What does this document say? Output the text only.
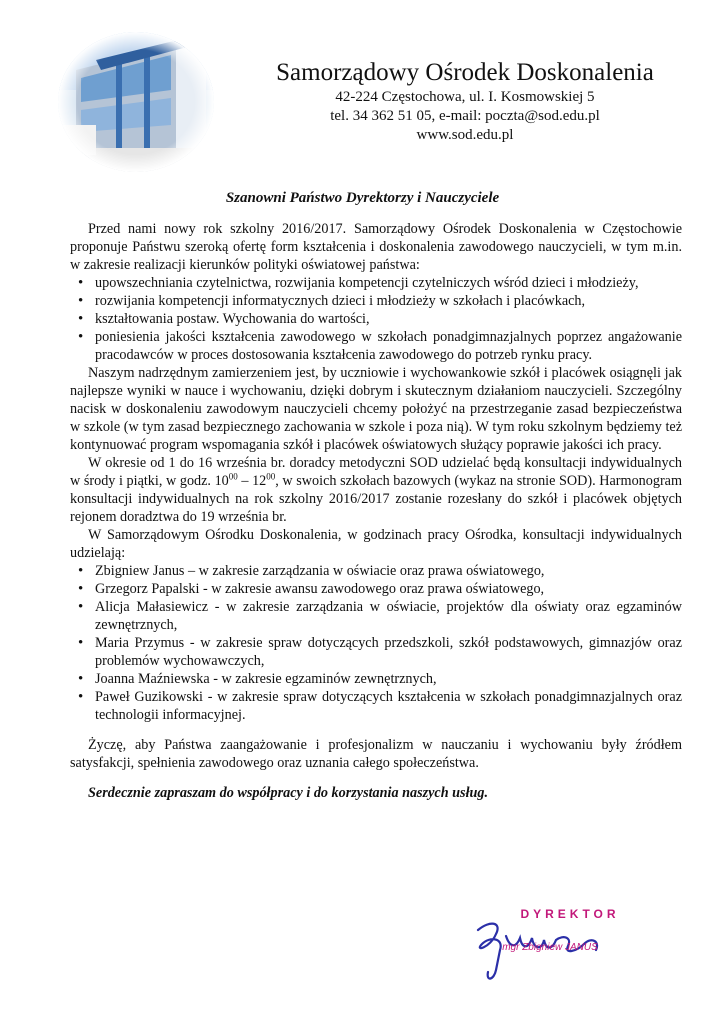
Samorządowy Ośrodek Doskonalenia
42-224 Częstochowa, ul. I. Kosmowskiej 5
tel. 34 362 51 05, e-mail: poczta@sod.edu.pl
www.sod.edu.pl
Szanowni Państwo Dyrektorzy i Nauczyciele

Przed nami nowy rok szkolny 2016/2017. Samorządowy Ośrodek Doskonalenia w Częstochowie proponuje Państwu szeroką ofertę form kształcenia i doskonalenia zawodowego nauczycieli, w tym m.in. w zakresie realizacji kierunków polityki oświatowej państwa:

• upowszechniania czytelnictwa, rozwijania kompetencji czytelniczych wśród dzieci i młodzieży,
• rozwijania kompetencji informatycznych dzieci i młodzieży w szkołach i placówkach,
• kształtowania postaw. Wychowania do wartości,
• poniesienia jakości kształcenia zawodowego w szkołach ponadgimnazjalnych poprzez angażowanie pracodawców w proces dostosowania kształcenia zawodowego do potrzeb rynku pracy.

Naszym nadrzędnym zamierzeniem jest, by uczniowie i wychowankowie szkół i placówek osiągnęli jak najlepsze wyniki w nauce i wychowaniu, dzięki dobrym i skutecznym działaniom nauczycieli. Szczególny nacisk w doskonaleniu zawodowym nauczycieli chcemy położyć na przestrzeganie zasad bezpieczeństwa w szkole (w tym zasad bezpiecznego zachowania w szkole i poza nią). W tym roku szkolnym będziemy też kontynuować program wspomagania szkół i placówek oświatowych służący poprawie jakości ich pracy.

W okresie od 1 do 16 września br. doradcy metodyczni SOD udzielać będą konsultacji indywidualnych w środy i piątki, w godz. $10^{00} - 12^{00}$, w swoich szkołach bazowych (wykaz na stronie SOD). Harmonogram konsultacji indywidualnych na rok szkolny 2016/2017 zostanie rozesłany do szkół i placówek objętych rejonem doradztwa do 19 września br.

W Samorządowym Ośrodku Doskonalenia, w godzinach pracy Ośrodka, konsultacji indywidualnych udzielają:

• Zbigniew Janus – w zakresie zarządzania w oświacie oraz prawa oświatowego,
• Grzegorz Papalski - w zakresie awansu zawodowego oraz prawa oświatowego,
• Alicja Małasiewicz - w zakresie zarządzania w oświacie, projektów dla oświaty oraz egzaminów zewnętrznych,
• Maria Przymus - w zakresie spraw dotyczących przedszkoli, szkół podstawowych, gimnazjów oraz problemów wychowawczych,
• Joanna Maźniewska - w zakresie egzaminów zewnętrznych,
• Paweł Guzikowski - w zakresie spraw dotyczących kształcenia w szkołach ponadgimnazjalnych oraz technologii informacyjnej.

Życzę, aby Państwa zaangażowanie i profesjonalizm w nauczaniu i wychowaniu były źródłem satysfakcji, spełnienia zawodowego oraz uznania całego społeczeństwa.

Serdecznie zapraszam do współpracy i do korzystania naszych usług.

DYREKTOR
mgr Zbigniew JANUS
